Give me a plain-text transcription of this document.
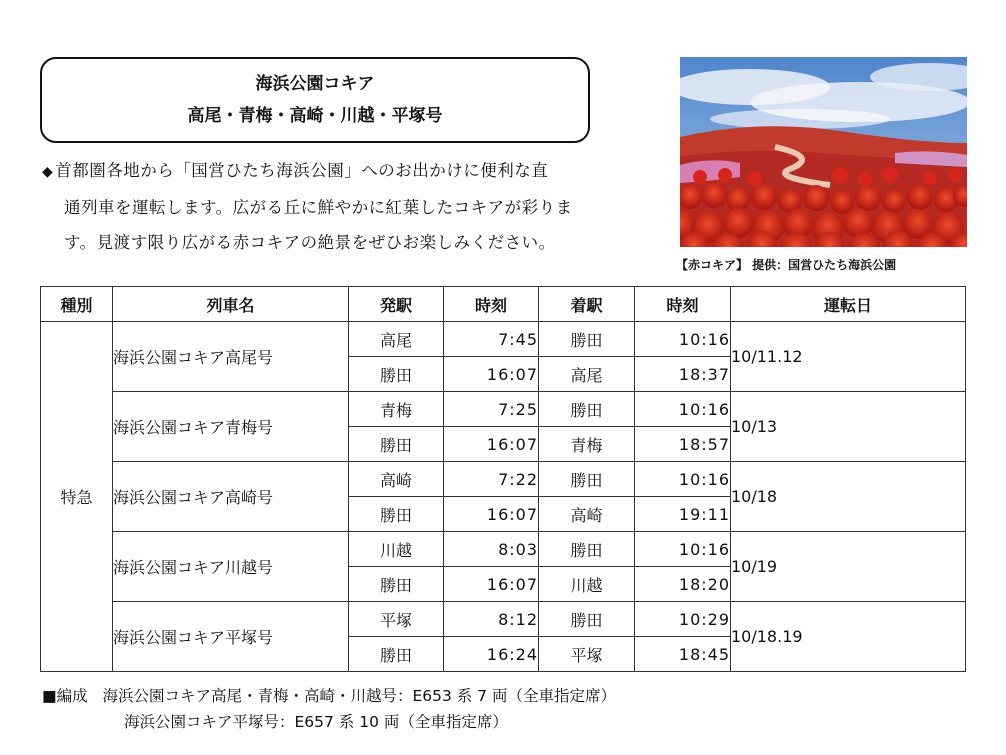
海浜公園コキア
高尾・青梅・高崎・川越・平塚号
◆ 首都圏各地から「国営ひたち海浜公園」へのお出かけに便利な直
通列車を運転します。広がる丘に鮮やかに紅葉したコキアが彩りま
す。見渡す限り広がる赤コキアの絶景をぜひお楽しみください。
【赤コキア】 提供：国営ひたち海浜公園
種別	列車名	発駅	時刻	着駅	時刻	運転日
特急	海浜公園コキア高尾号	高尾	7:45	勝田	10:16	10/11.12
		勝田	16:07	高尾	18:37	
	海浜公園コキア青梅号	青梅	7:25	勝田	10:16	10/13
		勝田	16:07	青梅	18:57	
	海浜公園コキア高崎号	高崎	7:22	勝田	10:16	10/18
		勝田	16:07	高崎	19:11	
	海浜公園コキア川越号	川越	8:03	勝田	10:16	10/19
		勝田	16:07	川越	18:20	
	海浜公園コキア平塚号	平塚	8:12	勝田	10:29	10/18.19
		勝田	16:24	平塚	18:45	
■編成 海浜公園コキア高尾・青梅・高崎・川越号：E653 系 7 両（全車指定席）
海浜公園コキア平塚号：E657 系 10 両（全車指定席）
